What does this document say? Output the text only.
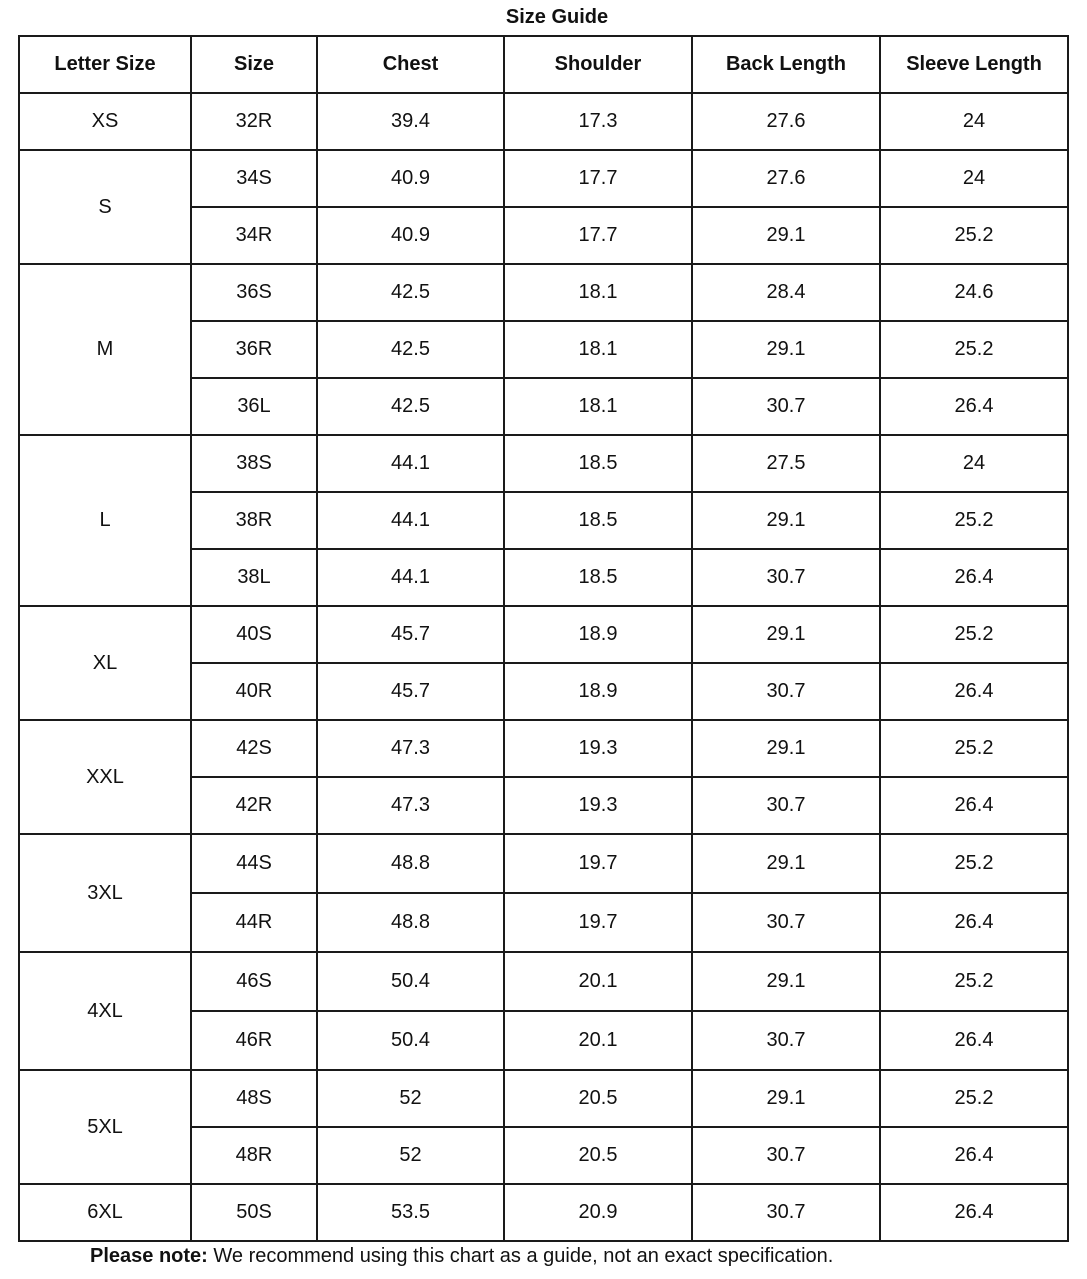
Size Guide
Letter Size	Size	Chest	Shoulder	Back Length	Sleeve Length
XS	32R	39.4	17.3	27.6	24
S	34S	40.9	17.7	27.6	24
	34R	40.9	17.7	29.1	25.2
M	36S	42.5	18.1	28.4	24.6
	36R	42.5	18.1	29.1	25.2
	36L	42.5	18.1	30.7	26.4
L	38S	44.1	18.5	27.5	24
	38R	44.1	18.5	29.1	25.2
	38L	44.1	18.5	30.7	26.4
XL	40S	45.7	18.9	29.1	25.2
	40R	45.7	18.9	30.7	26.4
XXL	42S	47.3	19.3	29.1	25.2
	42R	47.3	19.3	30.7	26.4
3XL	44S	48.8	19.7	29.1	25.2
	44R	48.8	19.7	30.7	26.4
4XL	46S	50.4	20.1	29.1	25.2
	46R	50.4	20.1	30.7	26.4
5XL	48S	52	20.5	29.1	25.2
	48R	52	20.5	30.7	26.4
6XL	50S	53.5	20.9	30.7	26.4
Please note: We recommend using this chart as a guide, not an exact specification.
